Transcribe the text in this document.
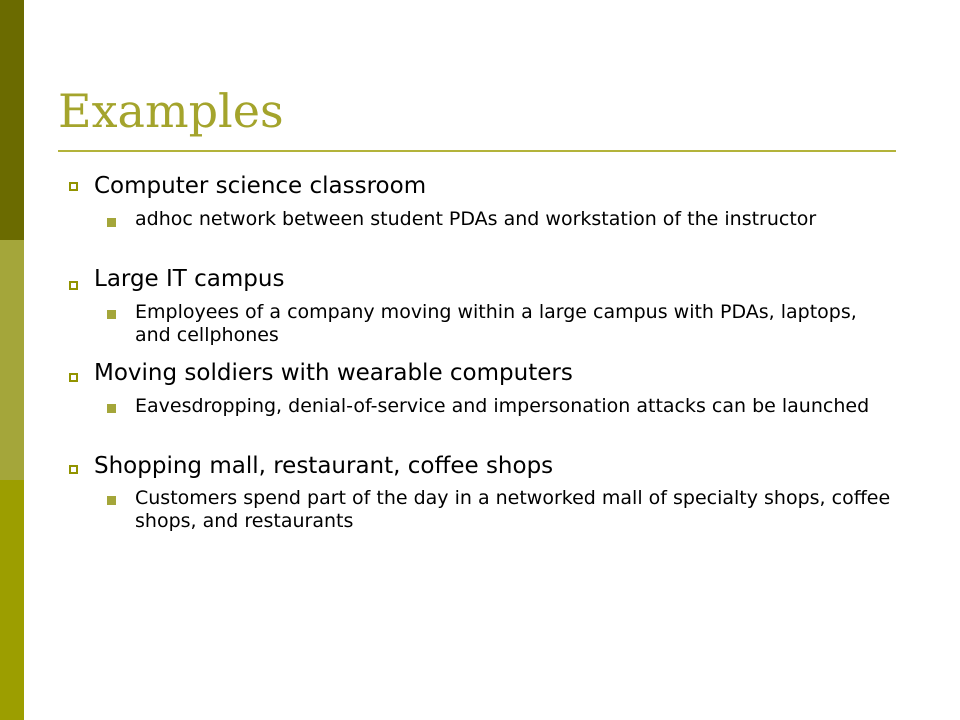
Examples
Computer science classroom
adhoc network between student PDAs and workstation of the instructor
Large IT campus
Employees of a company moving within a large campus with PDAs, laptops, and cellphones
Moving soldiers with wearable computers
Eavesdropping, denial-of-service and impersonation attacks can be launched
Shopping mall, restaurant, coffee shops
Customers spend part of the day in a networked mall of specialty shops, coffee shops, and restaurants
